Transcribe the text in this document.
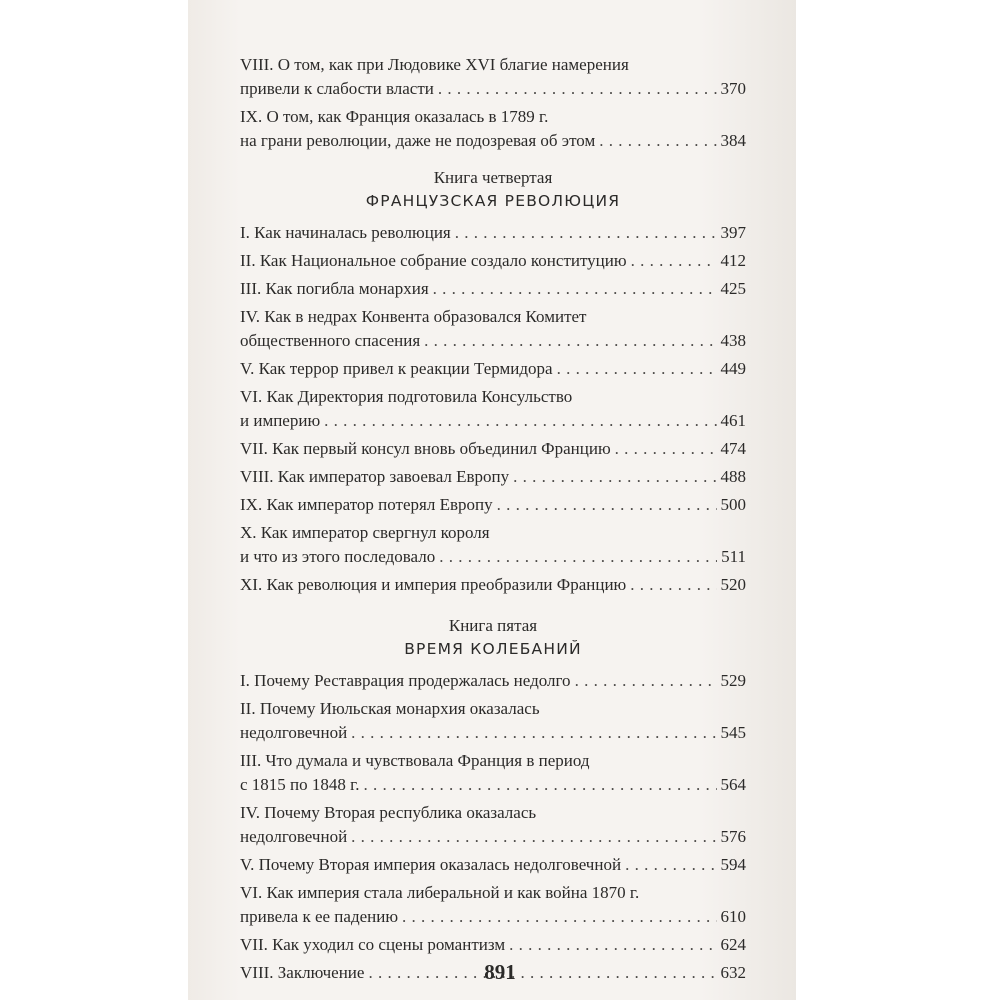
VIII. О том, как при Людовике XVI благие намерения
привели к слабости власти . . .	370
IX. О том, как Франция оказалась в 1789 г.
на грани революции, даже не подозревая об этом . . .	384
Книга четвертая
ФРАНЦУЗСКАЯ РЕВОЛЮЦИЯ
I. Как начиналась революция . . .	397
II. Как Национальное собрание создало конституцию . . .	412
III. Как погибла монархия . . .	425
IV. Как в недрах Конвента образовался Комитет
общественного спасения . . .	438
V. Как террор привел к реакции Термидора . . .	449
VI. Как Директория подготовила Консульство
и империю . . .	461
VII. Как первый консул вновь объединил Францию . . .	474
VIII. Как император завоевал Европу . . .	488
IX. Как император потерял Европу . . .	500
X. Как император свергнул короля
и что из этого последовало . . .	511
XI. Как революция и империя преобразили Францию . . .	520
Книга пятая
ВРЕМЯ КОЛЕБАНИЙ
I. Почему Реставрация продержалась недолго . . .	529
II. Почему Июльская монархия оказалась
недолговечной . . .	545
III. Что думала и чувствовала Франция в период
с 1815 по 1848 г. . . .	564
IV. Почему Вторая республика оказалась
недолговечной . . .	576
V. Почему Вторая империя оказалась недолговечной . . .	594
VI. Как империя стала либеральной и как война 1870 г.
привела к ее падению . . .	610
VII. Как уходил со сцены романтизм . . .	624
VIII. Заключение . . .	632
891
